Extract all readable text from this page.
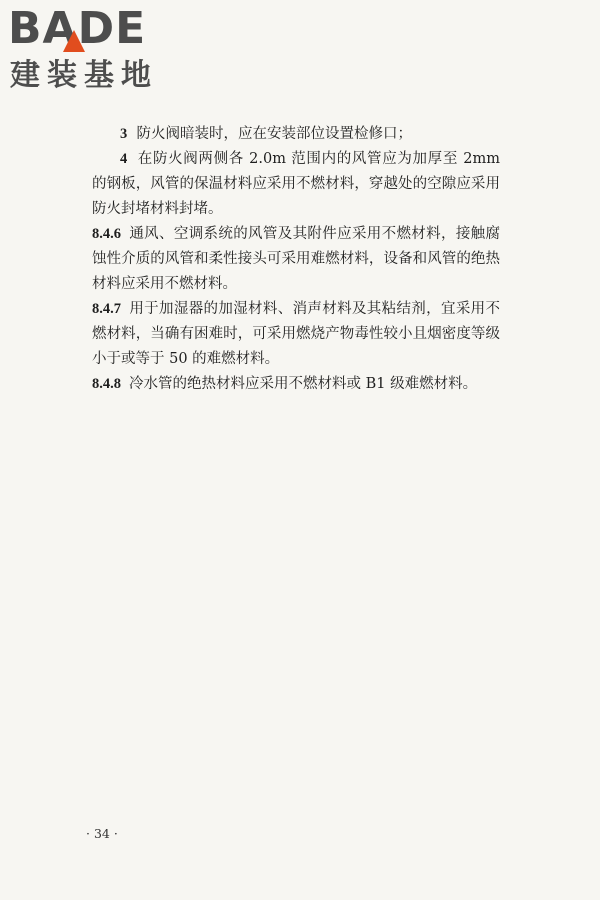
BADE
建装基地

3 防火阀暗装时，应在安装部位设置检修口；

4 在防火阀两侧各 2.0m 范围内的风管应为加厚至 2mm 的钢板，风管的保温材料应采用不燃材料，穿越处的空隙应采用防火封堵材料封堵。

8.4.6 通风、空调系统的风管及其附件应采用不燃材料，接触腐蚀性介质的风管和柔性接头可采用难燃材料，设备和风管的绝热材料应采用不燃材料。

8.4.7 用于加湿器的加湿材料、消声材料及其粘结剂，宜采用不燃材料，当确有困难时，可采用燃烧产物毒性较小且烟密度等级小于或等于 50 的难燃材料。

8.4.8 冷水管的绝热材料应采用不燃材料或 B1 级难燃材料。

· 34 ·
